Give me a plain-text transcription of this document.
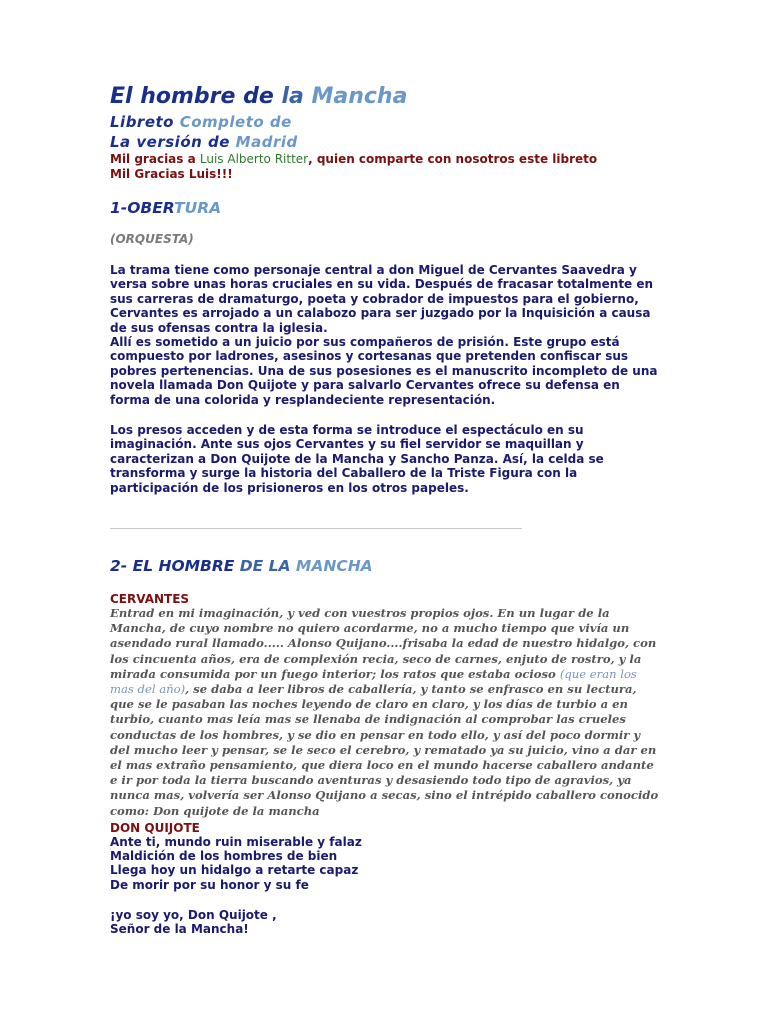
El hombre de la Mancha
Libreto Completo de
La versión de Madrid
Mil gracias a Luis Alberto Ritter, quien comparte con nosotros este libreto
Mil Gracias Luis!!!
1-OBERTURA
(ORQUESTA)

La trama tiene como personaje central a don Miguel de Cervantes Saavedra y versa sobre unas horas cruciales en su vida. Después de fracasar totalmente en sus carreras de dramaturgo, poeta y cobrador de impuestos para el gobierno, Cervantes es arrojado a un calabozo para ser juzgado por la Inquisición a causa de sus ofensas contra la iglesia.

Allí es sometido a un juicio por sus compañeros de prisión. Este grupo está compuesto por ladrones, asesinos y cortesanas que pretenden confiscar sus pobres pertenencias. Una de sus posesiones es el manuscrito incompleto de una novela llamada Don Quijote y para salvarlo Cervantes ofrece su defensa en forma de una colorida y resplandeciente representación.

Los presos acceden y de esta forma se introduce el espectáculo en su imaginación. Ante sus ojos Cervantes y su fiel servidor se maquillan y caracterizan a Don Quijote de la Mancha y Sancho Panza. Así, la celda se transforma y surge la historia del Caballero de la Triste Figura con la participación de los prisioneros en los otros papeles.

2- EL HOMBRE DE LA MANCHA
CERVANTES

Entrad en mi imaginación, y ved con vuestros propios ojos. En un lugar de la Mancha, de cuyo nombre no quiero acordarme, no a mucho tiempo que vivía un asendado rural llamado..... Alonso Quijano....frisaba la edad de nuestro hidalgo, con los cincuenta años, era de complexión recia, seco de carnes, enjuto de rostro, y la mirada consumida por un fuego interior; los ratos que estaba ocioso (que eran los mas del año), se daba a leer libros de caballería, y tanto se enfrasco en su lectura, que se le pasaban las noches leyendo de claro en claro, y los días de turbio a en turbio, cuanto mas leía mas se llenaba de indignación al comprobar las crueles conductas de los hombres, y se dio en pensar en todo ello, y así del poco dormir y del mucho leer y pensar, se le seco el cerebro, y rematado ya su juicio, vino a dar en el mas extraño pensamiento, que diera loco en el mundo hacerse caballero andante e ir por toda la tierra buscando aventuras y desasiendo todo tipo de agravios, ya nunca mas, volvería ser Alonso Quijano a secas, sino el intrépido caballero conocido como: Don quijote de la mancha

DON QUIJOTE
Ante ti, mundo ruin miserable y falaz
Maldición de los hombres de bien
Llega hoy un hidalgo a retarte capaz
De morir por su honor y su fe
¡yo soy yo, Don Quijote ,
Señor de la Mancha!
